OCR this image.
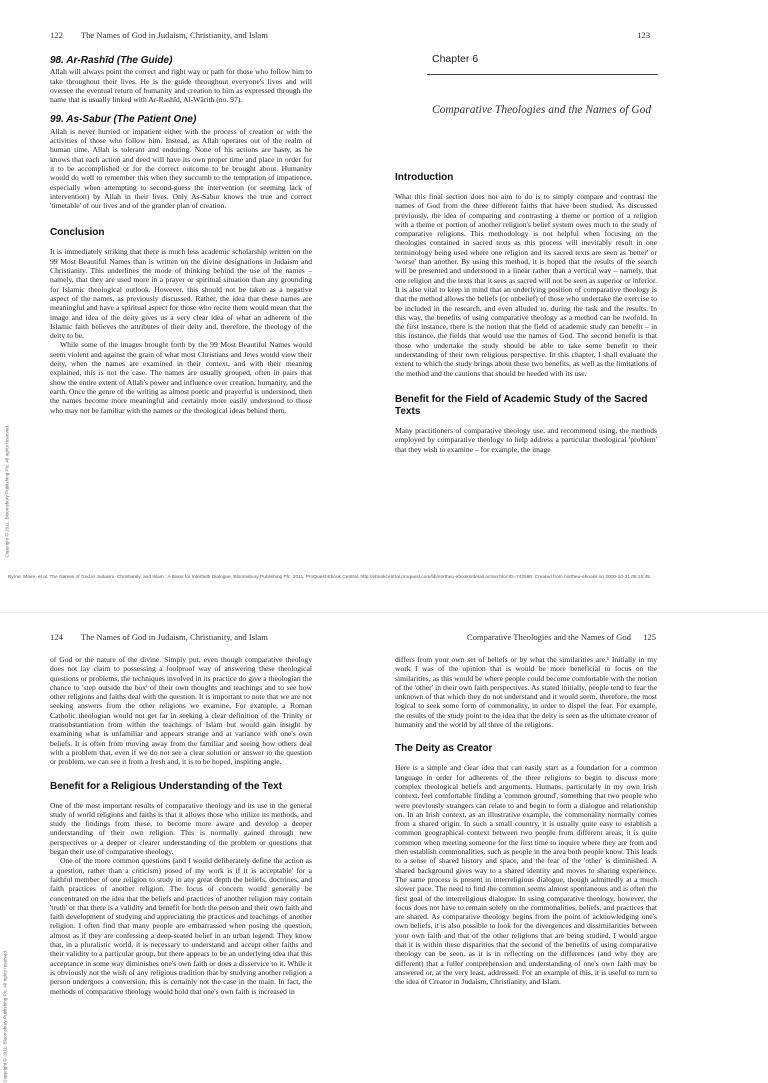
122 The Names of God in Judaism, Christianity, and Islam	123
98. Ar-Rashīd (The Guide)

Allah will always point the correct and right way or path for those who follow him to take throughout their lives. He is the guide throughout everyone's lives and will oversee the eventual return of humanity and creation to him as expressed through the name that is usually linked with Ar-Rashīd, Al-Wārith (no. 97).

99. As-Sabur (The Patient One)

Allah is never hurried or impatient either with the process of creation or with the activities of those who follow him. Instead, as Allah operates out of the realm of human time, Allah is tolerant and enduring. None of his actions are hasty, as he knows that each action and deed will have its own proper time and place in order for it to be accomplished or for the correct outcome to be brought about. Humanity would do well to remember this when they succumb to the temptation of impatience, especially when attempting to second-guess the intervention (or seeming lack of intervention) by Allah in their lives. Only As-Sabur knows the true and correct 'timetable' of our lives and of the grander plan of creation.

Conclusion

It is immediately striking that there is much less academic scholarship written on the 99 Most Beautiful Names than is written on the divine designations in Judaism and Christianity. This underlines the mode of thinking behind the use of the names – namely, that they are used more in a prayer or spiritual situation than any grounding for Islamic theological outlook. However, this should not be taken as a negative aspect of the names, as previously discussed. Rather, the idea that these names are meaningful and have a spiritual aspect for those who recite them would mean that the image and idea of the deity gives us a very clear idea of what an adherent of the Islamic faith believes the attributes of their deity and, therefore, the theology of the deity to be.

While some of the images brought forth by the 99 Most Beautiful Names would seem violent and against the grain of what most Christians and Jews would view their deity, when the names are examined in their context, and with their meaning explained, this is not the case. The names are usually grouped, often in pairs that show the entire extent of Allah's power and influence over creation, humanity, and the earth. Once the genre of the writing as almost poetic and prayerful is understood, then the names become more meaningful and certainly more easily understood to those who may not be familiar with the names or the theological ideas behind them.

Chapter 6
Comparative Theologies and the Names of God
Introduction

What this final section does not aim to do is to simply compare and contrast the names of God from the three different faiths that have been studied. As discussed previously, the idea of comparing and contrasting a theme or portion of a religion with a theme or portion of another religion's belief system owes much to the study of comparative religions. This methodology is not helpful when focusing on the theologies contained in sacred texts as this process will inevitably result in one terminology being used where one religion and its sacred texts are seen as 'better' or 'worse' than another. By using this method, it is hoped that the results of the search will be presented and understood in a linear rather than a vertical way – namely, that one religion and the texts that it sees as sacred will not be seen as superior or inferior. It is also vital to keep in mind that an underlying position of comparative theology is that the method allows the beliefs (or unbelief) of those who undertake the exercise to be included in the research, and even alluded to, during the task and the results. In this way, the benefits of using comparative theology as a method can be twofold. In the first instance, there is the notion that the field of academic study can benefit – in this instance, the fields that would use the names of God. The second benefit is that those who undertake the study should be able to take some benefit to their understanding of their own religious perspective. In this chapter, I shall evaluate the extent to which the study brings about these two benefits, as well as the limitations of the method and the cautions that should be heeded with its use.

Benefit for the Field of Academic Study of the Sacred Texts

Many practitioners of comparative theology use, and recommend using, the methods employed by comparative theology to help address a particular theological 'problem' that they wish to examine – for example, the image

Copyright © 2011. Bloomsbury Publishing Plc. All rights reserved.
Byrne, Máire, et al. The Names of God in Judaism, Christianity, and Islam : A Basis for Interfaith Dialogue, Bloomsbury Publishing Plc, 2011. ProQuest Ebook Central, http://ebookcentral.proquest.com/lib/northeu-ebooks/detail.action?docID=742590. Created from northeu-ebooks on 2020-10-31 05:15:45.
124 The Names of God in Judaism, Christianity, and Islam	Comparative Theologies and the Names of God 125

of God or the nature of the divine. Simply put, even though comparative theology does not lay claim to possessing a foolproof way of answering these theological questions or problems, the techniques involved in its practice do give a theologian the chance to 'step outside the box' of their own thoughts and teachings and to see how other religions and faiths deal with the question. It is important to note that we are not seeking answers from the other religions we examine. For example, a Roman Catholic theologian would not get far in seeking a clear definition of the Trinity or transubstantiation from within the teachings of Islam but would gain insight by examining what is unfamiliar and appears strange and at variance with one's own beliefs. It is often from moving away from the familiar and seeing how others deal with a problem that, even if we do not see a clear solution or answer to the question or problem, we can see it from a fresh and, it is to be hoped, inspiring angle.

Benefit for a Religious Understanding of the Text

One of the most important results of comparative theology and its use in the general study of world religions and faiths is that it allows those who utilize its methods, and study the findings from these, to become more aware and develop a deeper understanding of their own religion. This is normally gained through new perspectives or a deeper or clearer understanding of the problem or questions that began their use of comparative theology.

One of the more common questions (and I would deliberately define the action as a question, rather than a criticism) posed of my work is if it is acceptable' for a faithful member of one religion to study in any great depth the beliefs, doctrines, and faith practices of another religion. The focus of concern would generally be concentrated on the idea that the beliefs and practices of another religion may contain 'truth' or that there is a validity and benefit for both the person and their own faith and faith development of studying and appreciating the practices and teachings of another religion. I often find that many people are embarrassed when posing the question, almost as if they are confessing a deep-seated belief in an urban legend. They know that, in a pluralistic world, it is necessary to understand and accept other faiths and their validity to a particular group, but there appears to be an underlying idea that this acceptance in some way diminishes one's own faith or does a disservice to it. While it is obviously not the wish of any religious tradition that by studying another religion a person undergoes a conversion, this is certainly not the case in the main. In fact, the methods of comparative theology would hold that one's own faith is increased in

differs from your own set of beliefs or by what the similarities are.¹ Initially in my work I was of the opinion that is would be more beneficial to focus on the similarities, as this would be where people could become comfortable with the notion of the 'other' in their own faith perspectives. As stated initially, people tend to fear the unknown of that which they do not understand and it would seem, therefore, the most logical to seek some form of commonality, in order to dispel the fear. For example, the results of the study point to the idea that the deity is seen as the ultimate creator of humanity and the world by all three of the religions.

The Deity as Creator

Here is a simple and clear idea that can easily start as a foundation for a common language in order for adherents of the three religions to begin to discuss more complex theological beliefs and arguments. Humans, particularly in my own Irish context, feel comfortable finding a 'common ground', something that two people who were previously strangers can relate to and begin to form a dialogue and relationship on. In an Irish context, as an illustrative example, the commonality normally comes from a shared origin. In such a small country, it is usually quite easy to establish a common geographical context between two people from different areas; it is quite common when meeting someone for the first time to inquire where they are from and then establish commonalities, such as people in the area both people know. This leads to a sense of shared history and space, and the fear of the 'other' is diminished. A shared background gives way to a shared identity and moves to sharing experience. The same process is present in interreligious dialogue, though admittedly at a much slower pace. The need to find the common seems almost spontaneous and is often the first goal of the interreligious dialogue. In using comparative theology, however, the focus does not have to remain solely on the commonalities, beliefs, and practices that are shared. As comparative theology begins from the point of acknowledging one's own beliefs, it is also possible to look for the divergences and dissimilarities between your own faith and that of the other religions that are being studied. I would argue that it is within these disparities that the second of the benefits of using comparative theology can be seen, as it is in reflecting on the differences (and why they are different) that a fuller comprehension and understanding of one's own faith may be answered or, at the very least, addressed. For an example of this, it is useful to turn to the idea of Creator in Judaism, Christianity, and Islam.

Copyright © 2011. Bloomsbury Publishing Plc. All rights reserved.
